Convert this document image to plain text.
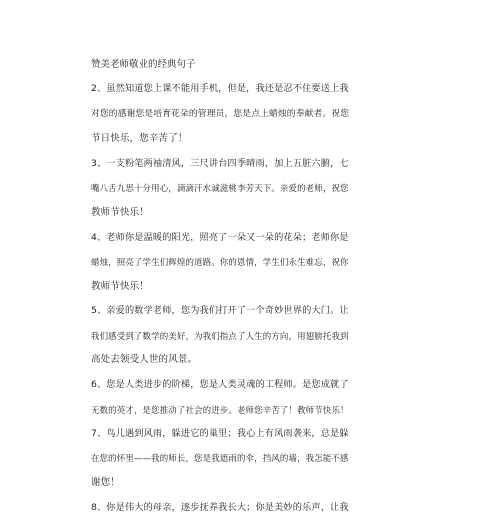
赞美老师敬业的经典句子
2、虽然知道您上课不能用手机，但是，我还是忍不住要送上我
对您的感谢您是培育花朵的管理员，您是点上蜡烛的奉献者。祝您
节日快乐，您辛苦了！
3、一支粉笔两袖清风，三尺讲台四季晴雨，加上五脏六腑，七
嘴八舌九思十分用心，滴滴汗水诚滋桃李芳天下。亲爱的老师，祝您
教师节快乐！
4、老师你是温暖的阳光，照亮了一朵又一朵的花朵；老师你是
蜡烛，照亮了学生们辉煌的道路。你的恩情，学生们永生难忘，祝你
教师节快乐！
5、亲爱的数学老师，您为我们打开了一个奇妙世界的大门。让
我们感受到了数学的美好，为我们指点了人生的方向，用翅膀托我到
高处去领受人世的风景。
6、您是人类进步的阶梯，您是人类灵魂的工程师。是您成就了
无数的英才，是您推动了社会的进步。老师您辛苦了！教师节快乐！
7、鸟儿遇到风雨，躲进它的巢里；我心上有风雨袭来，总是躲
在您的怀里——我的师长，您是我遮雨的伞，挡风的墙，我怎能不感
谢您！
8、你是伟大的母亲，逐步抚养我长大；你是美妙的乐声，让我
